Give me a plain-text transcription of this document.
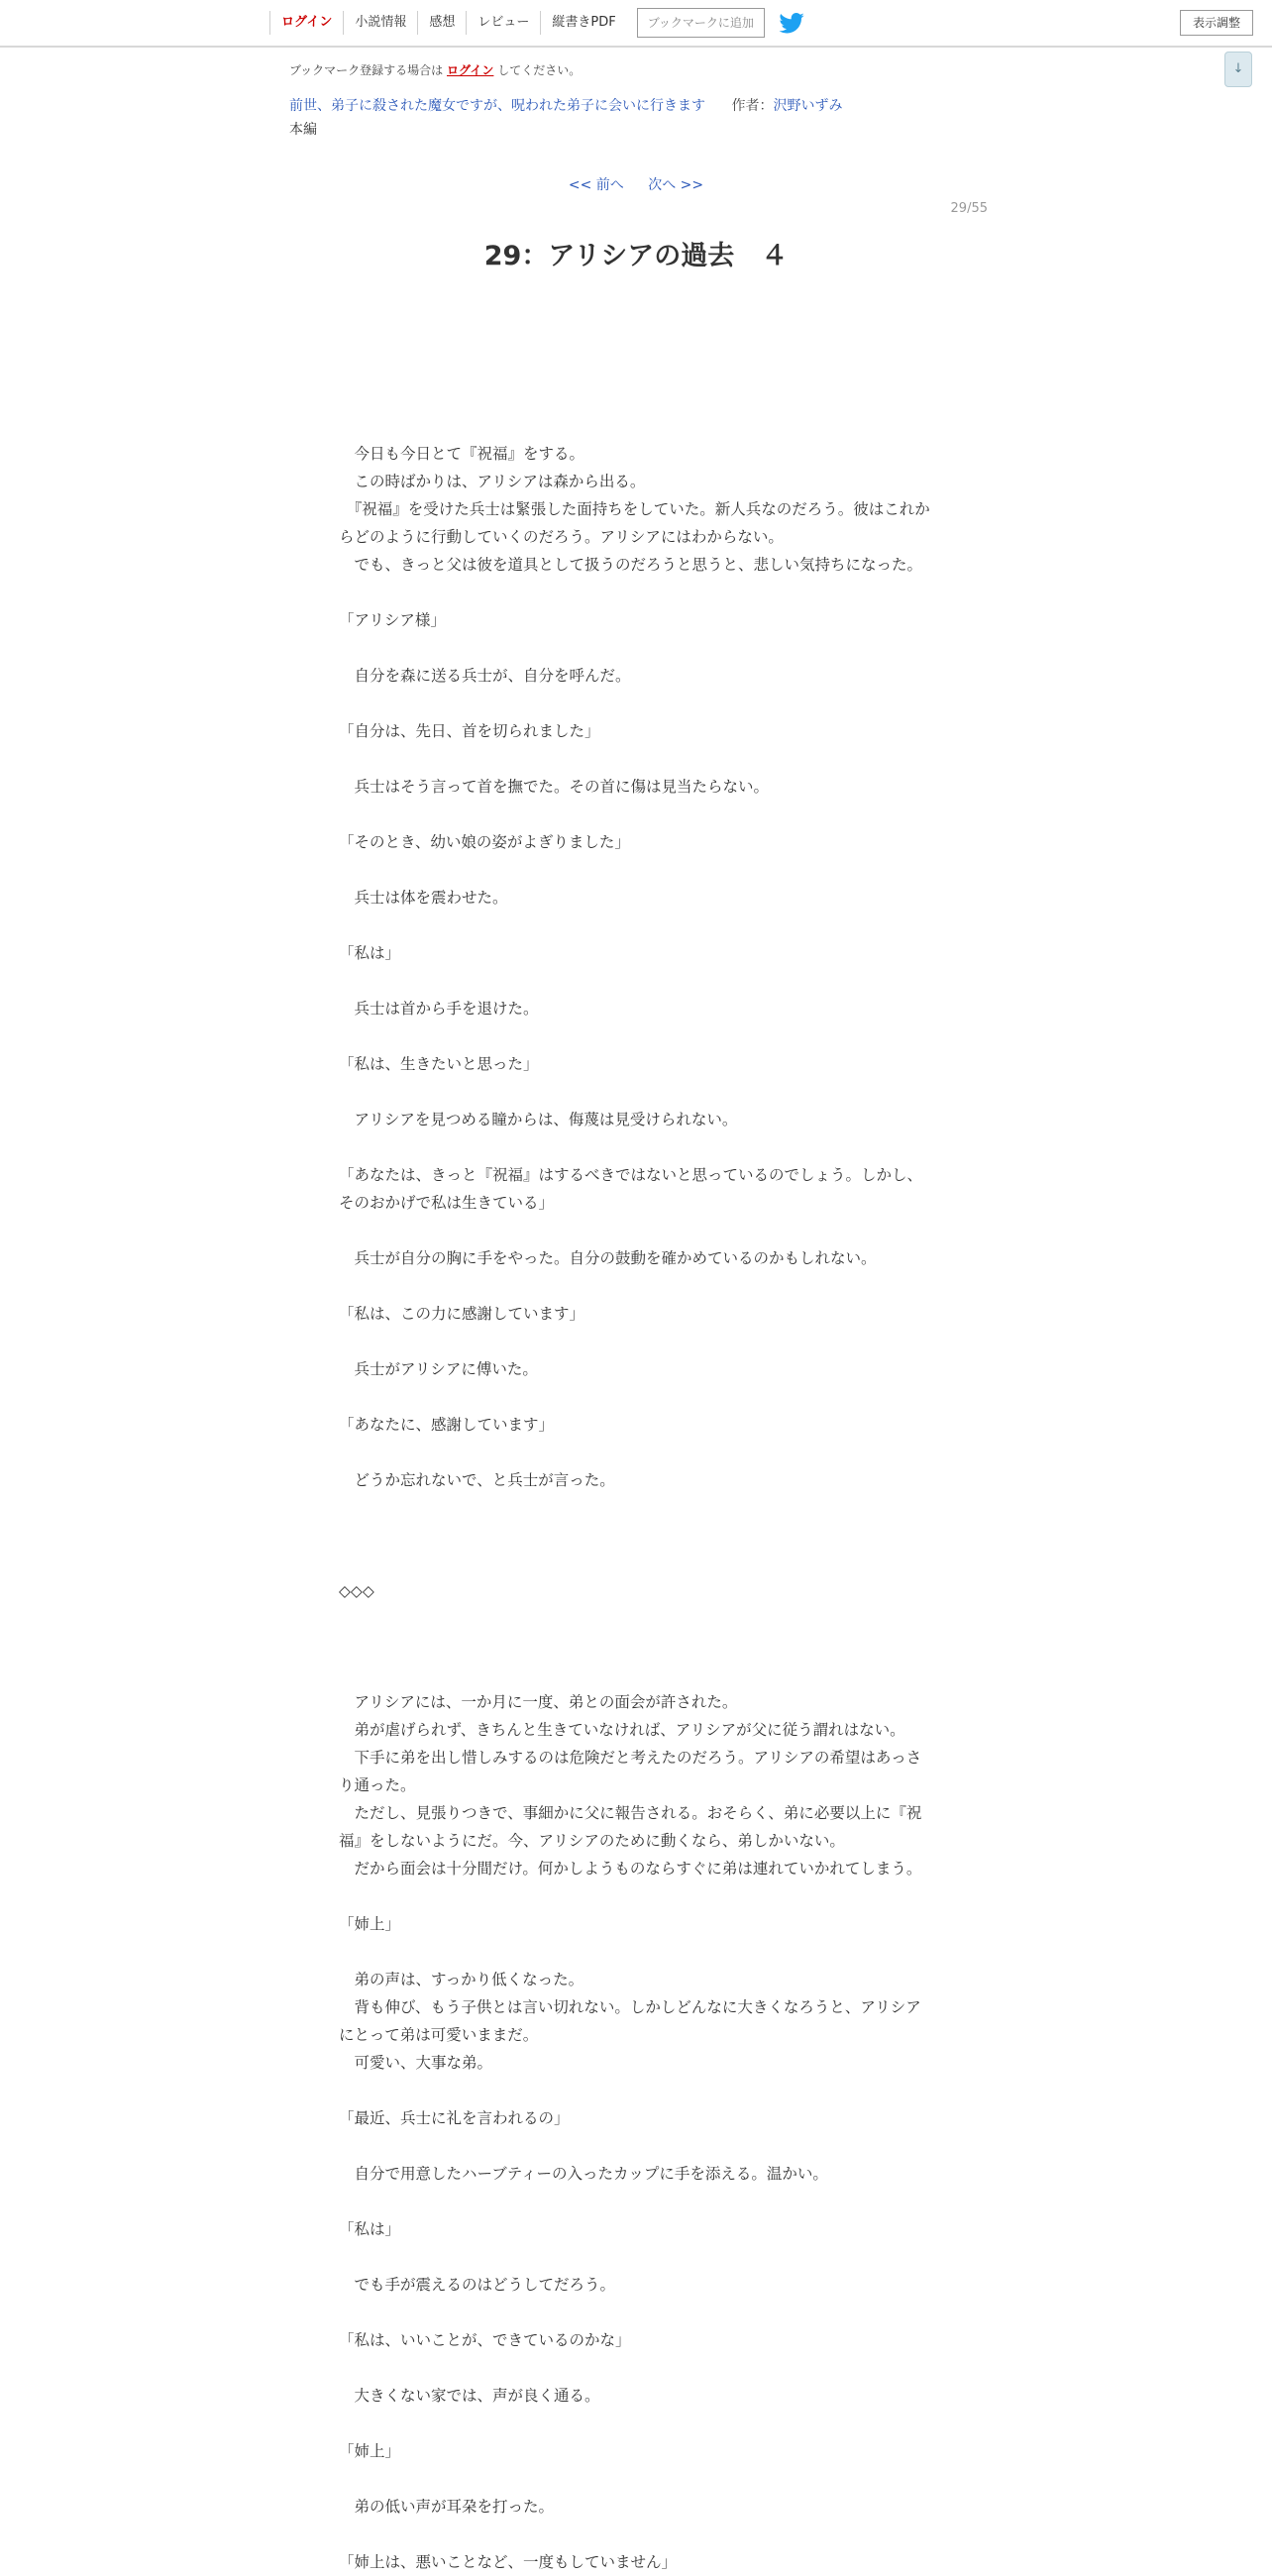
ログイン	小説情報	感想	レビュー	縦書きPDF	ブックマークに追加	表示調整
↓
ブックマーク登録する場合は ログイン してください。
前世、弟子に殺された魔女ですが、呪われた弟子に会いに行きます 作者：沢野いずみ
本編
<< 前へ 次へ >>
29/55
29：アリシアの過去　４

　今日も今日とて『祝福』をする。

　この時ばかりは、アリシアは森から出る。

　『祝福』を受けた兵士は緊張した面持ちをしていた。新人兵なのだろう。彼はこれからどのように行動していくのだろう。アリシアにはわからない。

　でも、きっと父は彼を道具として扱うのだろうと思うと、悲しい気持ちになった。

「アリシア様」

　自分を森に送る兵士が、自分を呼んだ。

「自分は、先日、首を切られました」

　兵士はそう言って首を撫でた。その首に傷は見当たらない。

「そのとき、幼い娘の姿がよぎりました」

　兵士は体を震わせた。

「私は」

　兵士は首から手を退けた。

「私は、生きたいと思った」

　アリシアを見つめる瞳からは、侮蔑は見受けられない。

「あなたは、きっと『祝福』はするべきではないと思っているのでしょう。しかし、そのおかげで私は生きている」

　兵士が自分の胸に手をやった。自分の鼓動を確かめているのかもしれない。

「私は、この力に感謝しています」

　兵士がアリシアに傅いた。

「あなたに、感謝しています」

　どうか忘れないで、と兵士が言った。

◇◇◇

　アリシアには、一か月に一度、弟との面会が許された。

　弟が虐げられず、きちんと生きていなければ、アリシアが父に従う謂れはない。

　下手に弟を出し惜しみするのは危険だと考えたのだろう。アリシアの希望はあっさり通った。

　ただし、見張りつきで、事細かに父に報告される。おそらく、弟に必要以上に『祝福』をしないようにだ。今、アリシアのために動くなら、弟しかいない。

　だから面会は十分間だけ。何かしようものならすぐに弟は連れていかれてしまう。

「姉上」

　弟の声は、すっかり低くなった。

　背も伸び、もう子供とは言い切れない。しかしどんなに大きくなろうと、アリシアにとって弟は可愛いままだ。

　可愛い、大事な弟。

「最近、兵士に礼を言われるの」

　自分で用意したハーブティーの入ったカップに手を添える。温かい。

「私は」

　でも手が震えるのはどうしてだろう。

「私は、いいことが、できているのかな」

　大きくない家では、声が良く通る。

「姉上」

　弟の低い声が耳朶を打った。

「姉上は、悪いことなど、一度もしていません」
